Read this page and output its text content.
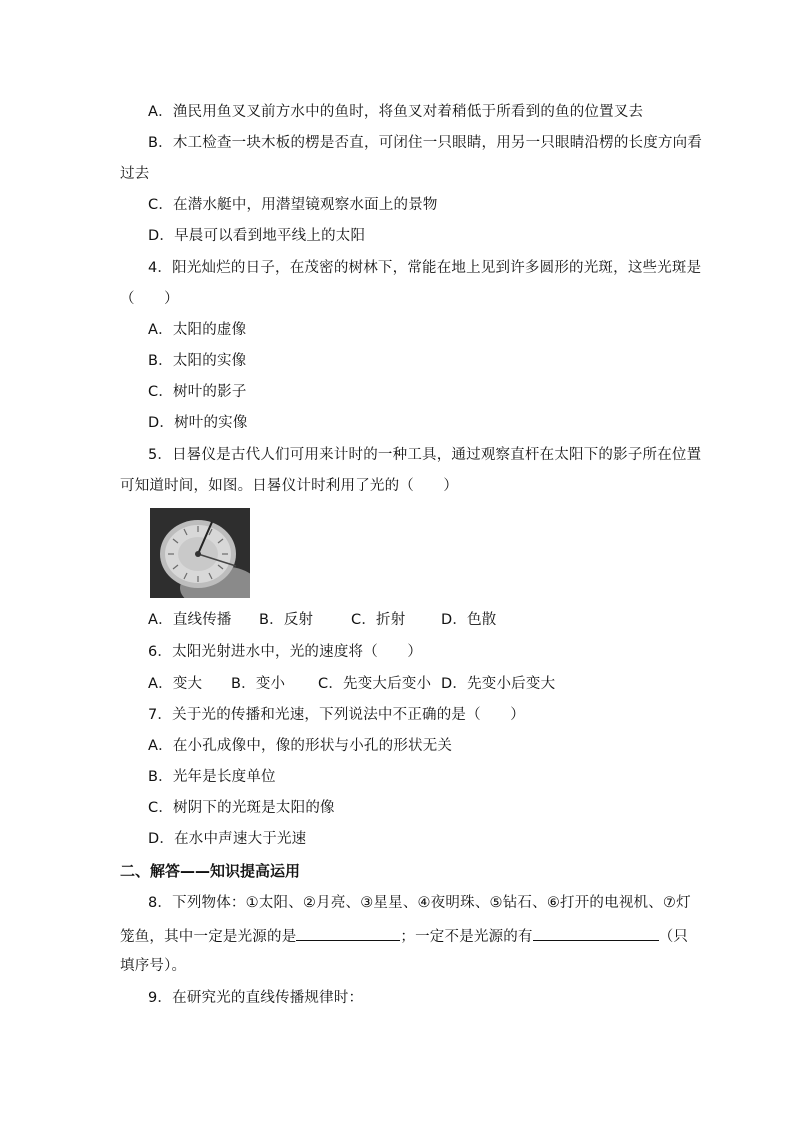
A．渔民用鱼叉叉前方水中的鱼时，将鱼叉对着稍低于所看到的鱼的位置叉去
B．木工检查一块木板的楞是否直，可闭住一只眼睛，用另一只眼睛沿楞的长度方向看
过去
C．在潜水艇中，用潜望镜观察水面上的景物
D．早晨可以看到地平线上的太阳
4．阳光灿烂的日子，在茂密的树林下，常能在地上见到许多圆形的光斑，这些光斑是
（　　）
A．太阳的虚像
B．太阳的实像
C．树叶的影子
D．树叶的实像
5．日晷仪是古代人们可用来计时的一种工具，通过观察直杆在太阳下的影子所在位置
可知道时间，如图。日晷仪计时利用了光的（　　）
A．直线传播 B．反射	C．折射 D．色散
6．太阳光射进水中，光的速度将（　　）
A．变大 B．变小 C．先变大后变小 D．先变小后变大
7．关于光的传播和光速，下列说法中不正确的是（　　）
A．在小孔成像中，像的形状与小孔的形状无关
B．光年是长度单位
C．树阴下的光斑是太阳的像
D．在水中声速大于光速
二、解答——知识提高运用
8．下列物体：①太阳、②月亮、③星星、④夜明珠、⑤钻石、⑥打开的电视机、⑦灯
笼鱼，其中一定是光源的是	；一定不是光源的有	（只
填序号）。
9．在研究光的直线传播规律时：
